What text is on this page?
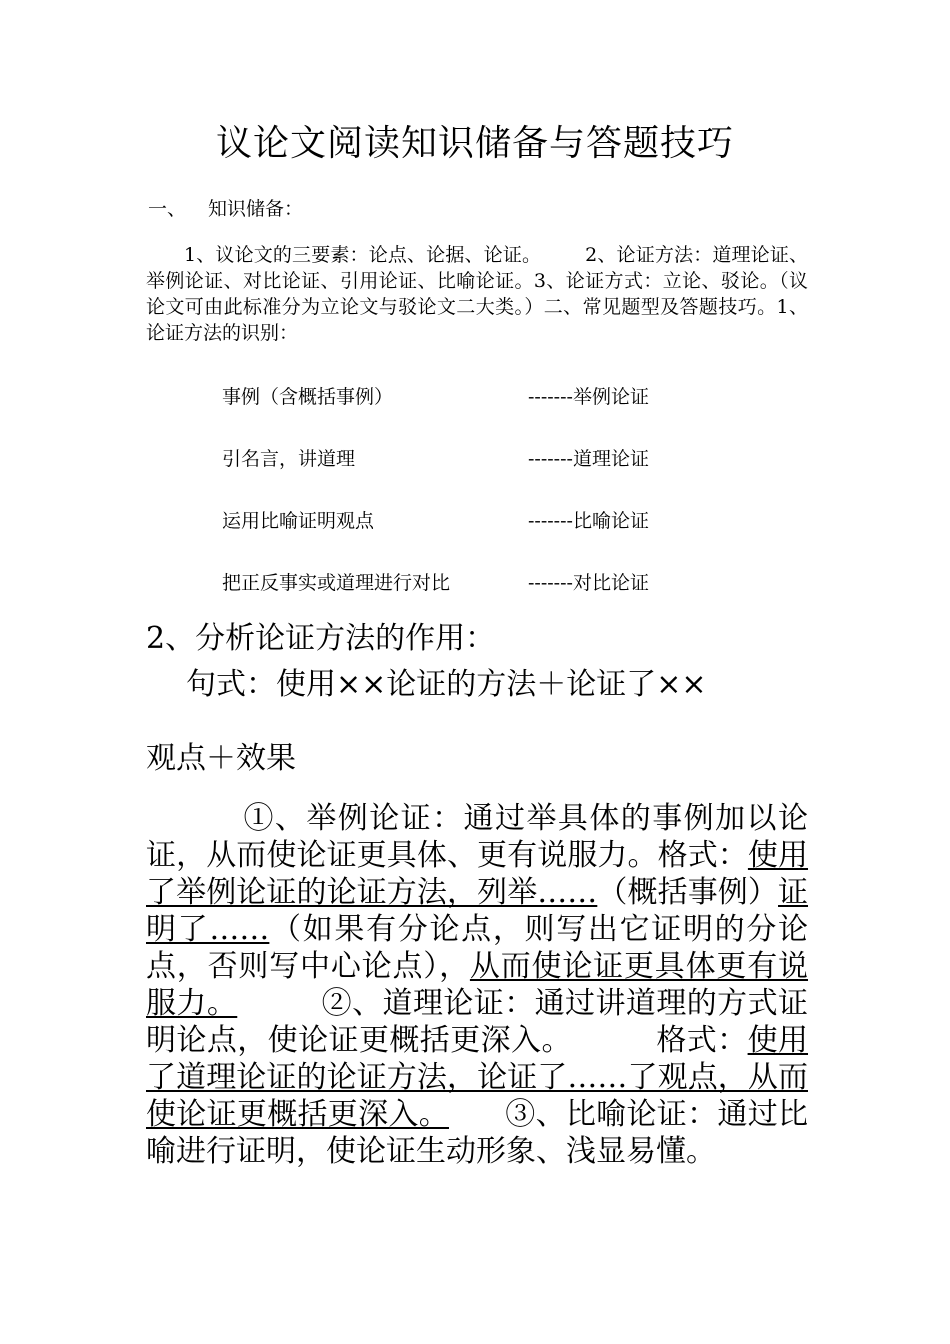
议论文阅读知识储备与答题技巧
一、 知识储备：
1、议论文的三要素：论点、论据、论证。 2、论证方法：道理论证、举例论证、对比论证、引用论证、比喻论证。3、论证方式：立论、驳论。（议论文可由此标准分为立论文与驳论文二大类。）二、常见题型及答题技巧。1、论证方法的识别：
事例（含概括事例）	-------举例论证
引名言，讲道理	-------道理论证
运用比喻证明观点	-------比喻论证
把正反事实或道理进行对比	-------对比论证
2、分析论证方法的作用：
句式：使用××论证的方法＋论证了××
观点＋效果
①、举例论证：通过举具体的事例加以论证，从而使论证更具体、更有说服力。格式：使用了举例论证的论证方法，列举……（概括事例）证明了……（如果有分论点，则写出它证明的分论点，否则写中心论点），从而使论证更具体更有说服力。	②、道理论证：通过讲道理的方式证明论点，使论证更概括更深入。	格式：使用了道理论证的论证方法，论证了……了观点，从而使论证更概括更深入。 ③、比喻论证：通过比喻进行证明，使论证生动形象、浅显易懂。
